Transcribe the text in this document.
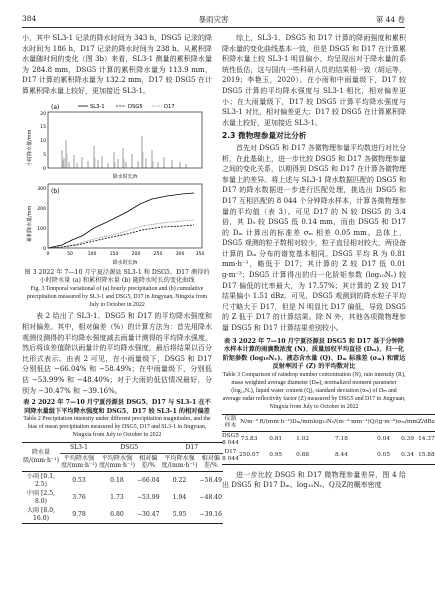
384	暴雨灾害	第 44 卷

小，其中 SL3-1 记录的降水时间为 343 h，DSG5 记录的降水时间为 186 h，D17 记录的降水时间为 238 h。从累积降水量随时间的变化（图 3b）来看，SL3-1 测量的累积降水量为 284.8 mm，DSG5 计算的累积降水量为 113.9 mm，D17 计算的累积降水量为 132.2 mm，D17 较 DSG5 在计算累积降水量上较好，更加接近 SL3-1。

(a)	SL3-1	DSG5	D17
小时降水量/mm
0
5
10
15
20
降水时长/h
(b)
累积降水量/mm
0
100
200
300
0	50	100	150	200	250	300 350
降水时长/h
图 3 2022 年 7—10 月宁夏泾源县 SL3-1 和 DSG5、D17 测得的小时降水量 (a) 和累积降水量 (b) 随降水时长的变化曲线
Fig. 3 Temporal variational of (a) hourly precipitation and (b) cumulative precipitation measured by SL3-1 and DSG5, D17 in Jingyuan, Ningxia from July to October in 2022

表 2 给出了 SL3-1、DSG5 和 D17 的平均降水强度和相对偏差。其中，相对偏差（%）的计算方法为：首先用降水观测仪测得的平均降水强度减去雨量计测得的平均降水强度，然后将该差值除以雨量计的平均降水强度，最后将结果以百分比形式表示。由表 2 可见，在小雨量级下，DSG5 和 D17 分别低估 −66.04% 和 −58.49%；在中雨量级下，分别低估 −53.99% 和 −48.40%；对于大雨的低估情况最好，分别为 −30.47% 和 −39.16%。

表 2 2022 年 7—10 月宁夏泾源县 DSG5、D17 与 SL3-1 在不同降水量级下平均降水强度和 DSG5、D17 较 SL3-1 的相对偏差
Table 2 Precipitation intensity under different precipitation magnitudes, and the bias of mean precipitation measured by DSG5, D17 and SL3-1 in Jingyuan, Ningxia from July to October in 2022
降水量级/(mm·h⁻¹)	SL3-1	DSG5		D17	
	平均降水强度/(mm·h⁻¹)	平均降水强度/(mm·h⁻¹)	相对偏差/%	平均降水强度/(mm·h⁻¹)	相对偏差/%
小雨 [0.1, 2.5)	0.53	0.18	−66.04	0.22	−58.49
中雨 [2.5, 8.0)	3.76	1.73	−53.99	1.94	−48.40
大雨 [8.0, 16.0)	9.78	6.80	−30.47	5.95	−39.16

综上，SL3-1、DSG5 和 D17 计算的降雨强度和累积降水量的变化曲线基本一致，但是 DSG5 和 D17 在计算累积降水量上较 SL3-1 明显偏小，均呈现出对于降水量的系统性低估，这与国内一些科研人员的结果相一致（胡运等，2019；李艳玉，2020）。在小雨和中雨量级下，D17 较 DSG5 计算的平均降水强度与 SL3-1 相比，相对偏差更小；在大雨量级下，D17 较 DSG5 计算平均降水强度与 SL3-1 对比，相对偏差更大；D17 较 DSG5 在计算累积降水量上较好，更加接近 SL3-1。

2.3 微物理参量对比分析

首先对 DSG5 和 D17 各微物理参量平均数进行对比分析，在此基础上，进一步比较 DSG5 和 D17 各微物理参量之间的变化关系，以期得到 DSG5 和 D17 在计算各微物理参量上的差异。将上述与 SL3-1 降水数据匹配的 DSG5 和 D17 的降水数据进一步进行匹配处理，挑选出 DSG5 和 D17 互相匹配的 8 044 个分钟降水样本，计算各微物理参量的平均值（表 3）。可见 D17 的 N 较 DSG5 的 3.4 倍，其 D₀ 较 DSG5 低 0.14 mm，而由 DSG5 和 D17 的 Dₘ 计算出的标准差 σₘ 相差 0.05 mm。总体上，DSG5 观测的粒子数相对较少，粒子直径相对较大，两设备计算的 Dₘ 分布的谱宽基本相同。DSG5 平均 R 为 0.81 mm·h⁻¹，略低于 D17；其计算的 Z 较 D17 低 0.01 g·m⁻³；DSG5 计算得出的归一化阶矩参数 (log₁₀Nᵥ) 较 D17 偏低的比率最大，为 17.57%；其计算的 Z 较 D17 结果偏小 1.51 dBz。可见，DSG5 观测到的降水粒子平均尺寸略大于 D17，但是 N 明显比 D17 偏低，导致 DSG5 的 Z 低于 D17 的计算结果。除 N 外，其他各项微物理参量 DSG5 和 D17 计算结果差别较小。

表 3 2022 年 7—10 月宁夏泾源县 DSG5 和 D17 基于分钟降水样本计算的雨滴数浓度 (N)、质量加权平均直径 (Dₘ)、归一化阶矩参数 (log₁₀Nᵥ)、液态含水量 (Q)、Dₘ 标准差 (σₘ) 和雷达反射率因子 (Z) 的平均数对比
Table 3 Comparison of raindrop number concentration (N), rain intensity (R), mass weighted average diameter (Dₘ), normalized moment parameter (log₁₀Nᵥ), liquid water content (Q), standard deviation (σₘ) of Dₘ and average radar reflectivity factor (Z) measured by DSG5 and D17 in Jingyuan, Ningxia from July to October in 2022
仪器样本	N/m⁻³	R/(mm·h⁻¹)	Dₘ/mm	log₁₀Nᵥ/(m⁻³·mm⁻¹)	Q/(g·m⁻³)	σₘ/mm	Z/dBz
DSG5 8 044	73.83	0.81	1.02	7.18	0.04	0.39	14.37
D17 8 044	250.07	0.95	0.88	8.44	0.05	0.34	15.88

进一步比较 DSG5 和 D17 微物理参量差异，图 4 给出 DSG5 和 D17 Dₘ、log₁₀Nᵥ、Q及Z的概率密度
